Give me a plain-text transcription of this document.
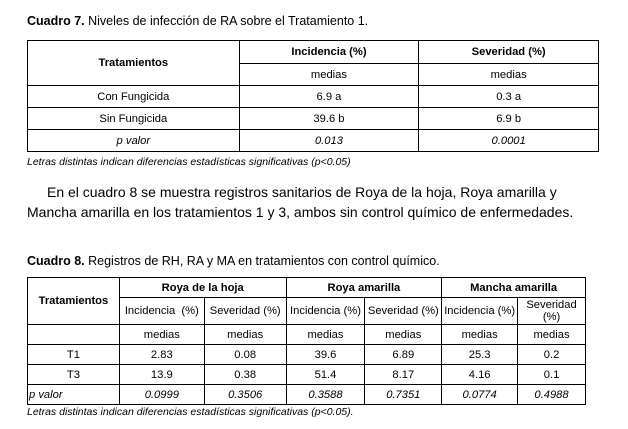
Cuadro 7. Niveles de infección de RA sobre el Tratamiento 1.
Tratamientos	Incidencia (%)	Severidad (%)
	medias	medias
Con Fungicida	6.9 a	0.3 a
Sin Fungicida	39.6 b	6.9 b
p valor	0.013	0.0001
Letras distintas indican diferencias estadísticas significativas (p<0.05)
En el cuadro 8 se muestra registros sanitarios de Roya de la hoja, Roya amarilla y Mancha amarilla en los tratamientos 1 y 3, ambos sin control químico de enfermedades.
Cuadro 8. Registros de RH, RA y MA en tratamientos con control químico.
Tratamientos	Roya de la hoja		Roya amarilla		Mancha amarilla	
	Incidencia  (%)	Severidad (%)	Incidencia (%)	Severidad (%)	Incidencia (%)	Severidad (%)
	medias	medias	medias	medias	medias	medias
T1	2.83	0.08	39.6	6.89	25.3	0.2
T3	13.9	0.38	51.4	8.17	4.16	0.1
p valor	0.0999	0.3506	0.3588	0.7351	0.0774	0.4988
Letras distintas indican diferencias estadísticas significativas (p<0.05).
